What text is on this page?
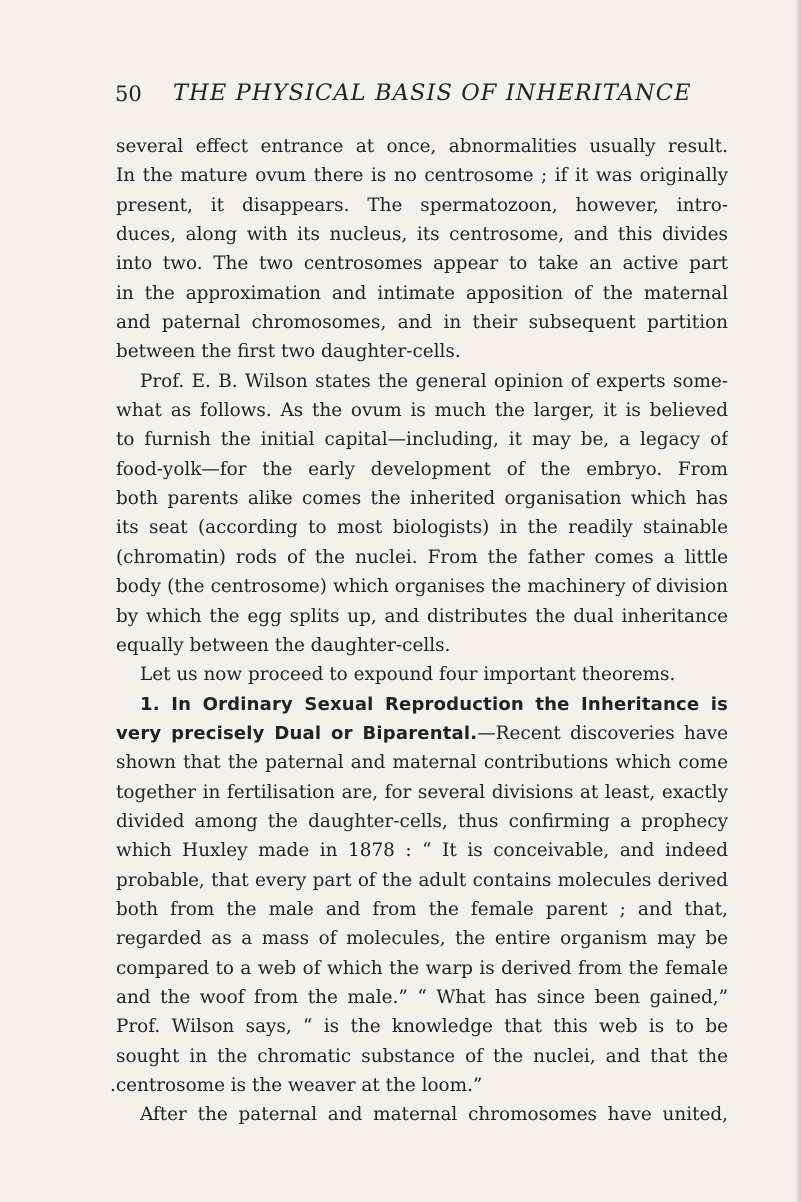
50 THE PHYSICAL BASIS OF INHERITANCE
several effect entrance at once, abnormalities usually result.
In the mature ovum there is no centrosome ; if it was originally
present, it disappears. The spermatozoon, however, intro-
duces, along with its nucleus, its centrosome, and this divides
into two. The two centrosomes appear to take an active part
in the approximation and intimate apposition of the maternal
and paternal chromosomes, and in their subsequent partition
between the first two daughter-cells.
Prof. E. B. Wilson states the general opinion of experts some-
what as follows. As the ovum is much the larger, it is believed
to furnish the initial capital—including, it may be, a legacy of
food-yolk—for the early development of the embryo. From
both parents alike comes the inherited organisation which has
its seat (according to most biologists) in the readily stainable
(chromatin) rods of the nuclei. From the father comes a little
body (the centrosome) which organises the machinery of division
by which the egg splits up, and distributes the dual inheritance
equally between the daughter-cells.
Let us now proceed to expound four important theorems.
1. In Ordinary Sexual Reproduction the Inheritance is
very precisely Dual or Biparental.—Recent discoveries have
shown that the paternal and maternal contributions which come
together in fertilisation are, for several divisions at least, exactly
divided among the daughter-cells, thus confirming a prophecy
which Huxley made in 1878 : “ It is conceivable, and indeed
probable, that every part of the adult contains molecules derived
both from the male and from the female parent ; and that,
regarded as a mass of molecules, the entire organism may be
compared to a web of which the warp is derived from the female
and the woof from the male.” “ What has since been gained,”
Prof. Wilson says, “ is the knowledge that this web is to be
sought in the chromatic substance of the nuclei, and that the
.centrosome is the weaver at the loom.”
After the paternal and maternal chromosomes have united,
